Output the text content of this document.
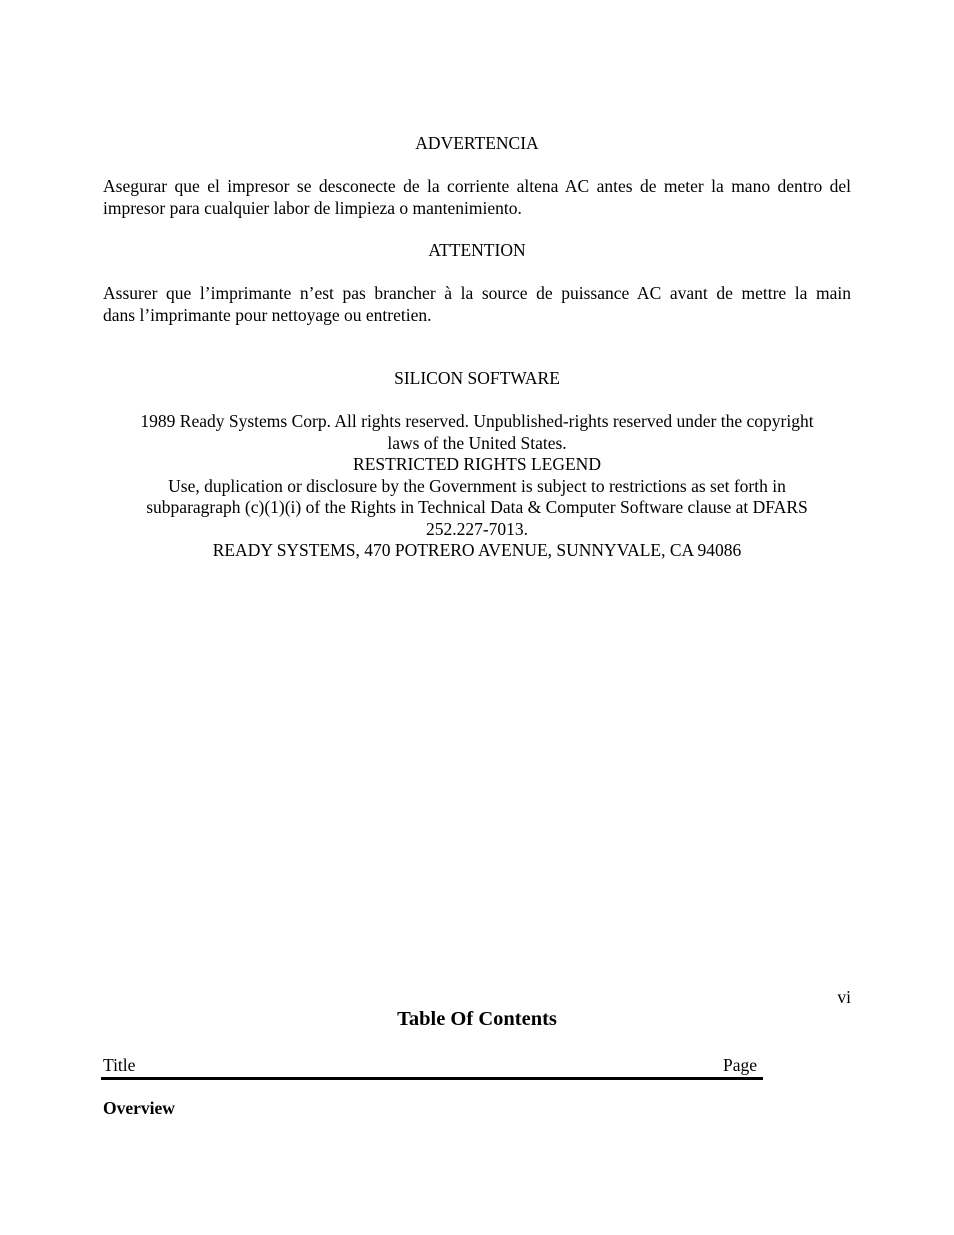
ADVERTENCIA
Asegurar que el impresor se desconecte de la corriente altena AC antes de meter la mano dentro del
impresor para cualquier labor de limpieza o mantenimiento.
ATTENTION
Assurer que l’imprimante n’est pas brancher à la source de puissance AC avant de mettre la main
dans l’imprimante pour nettoyage ou entretien.
SILICON SOFTWARE
1989 Ready Systems Corp. All rights reserved. Unpublished-rights reserved under the copyright
laws of the United States.
RESTRICTED RIGHTS LEGEND
Use, duplication or disclosure by the Government is subject to restrictions as set forth in
subparagraph (c)(1)(i) of the Rights in Technical Data & Computer Software clause at DFARS
252.227-7013.
READY SYSTEMS, 470 POTRERO AVENUE, SUNNYVALE, CA 94086
vi
Table Of Contents
Title	Page
Overview
